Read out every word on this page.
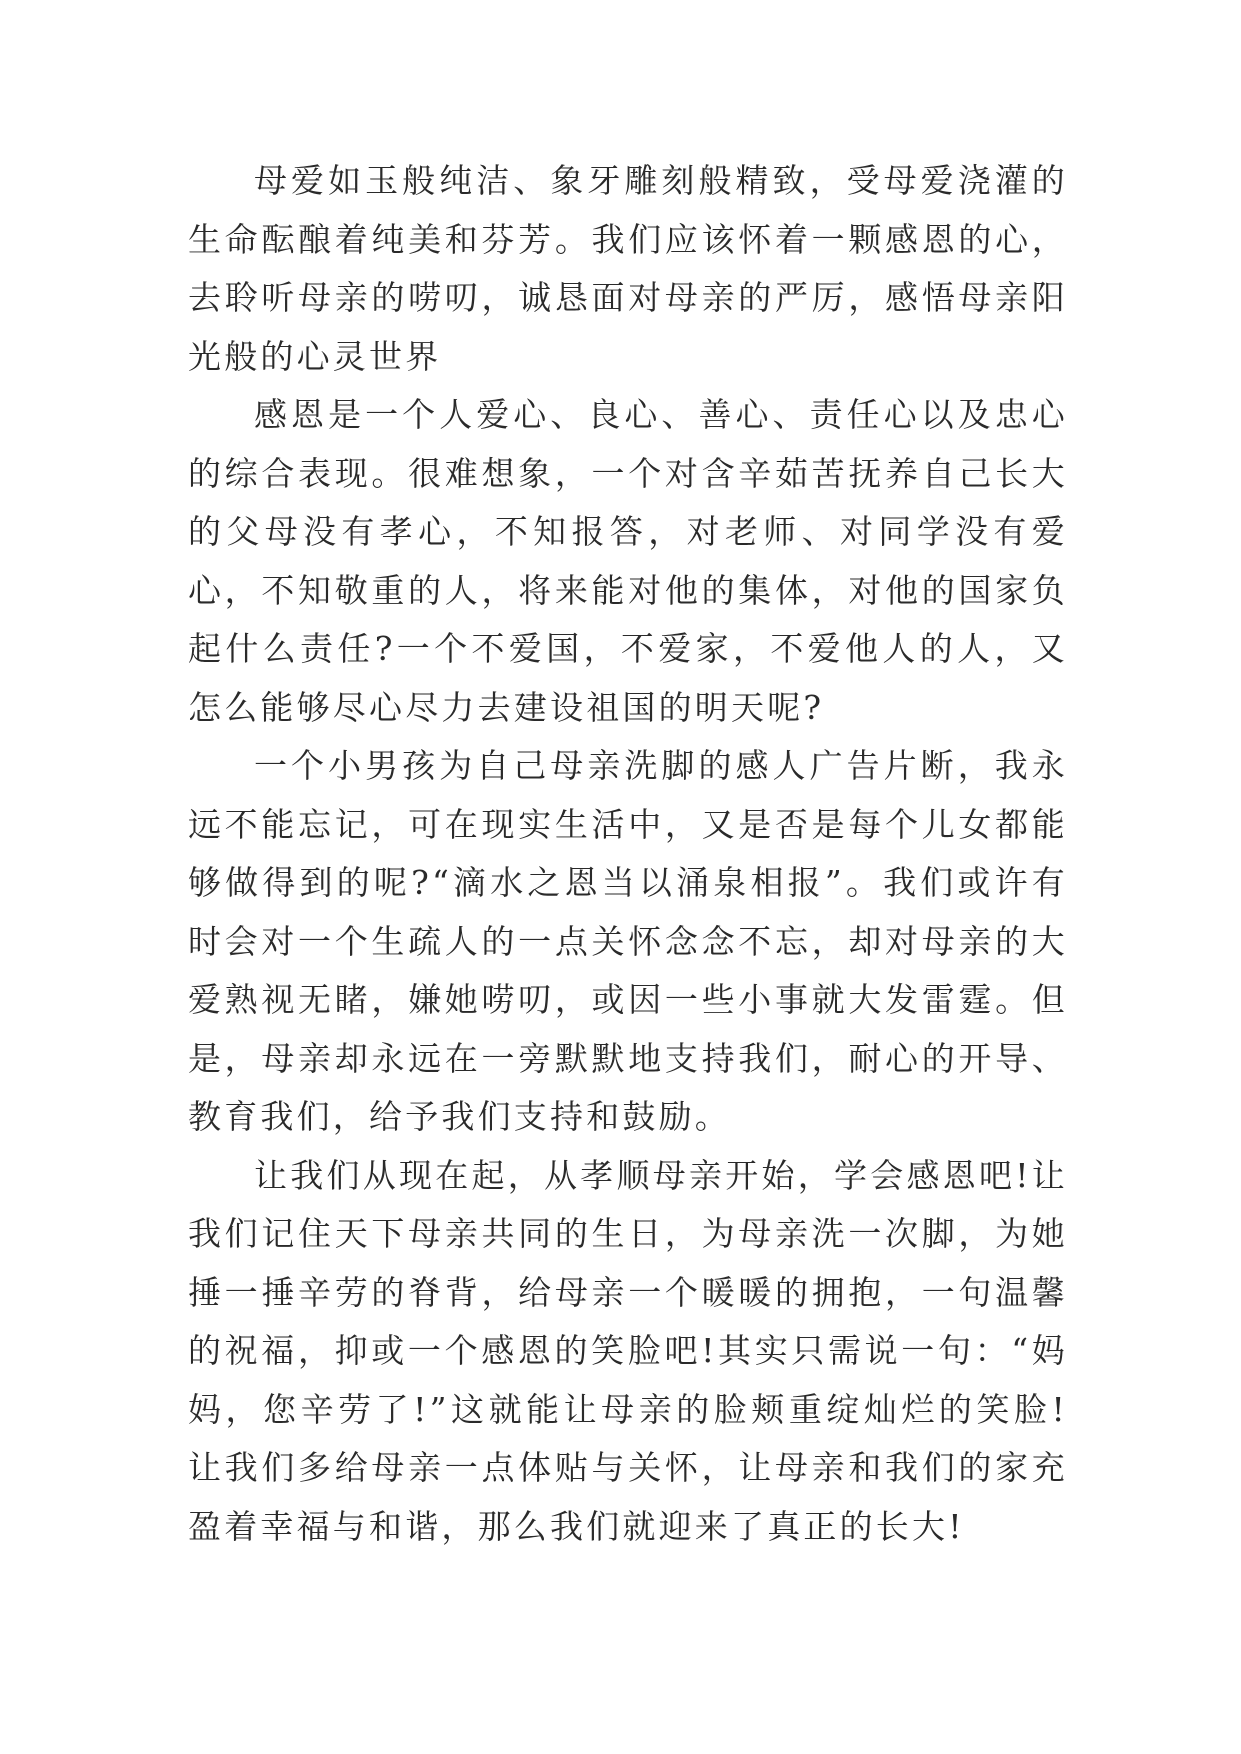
母爱如玉般纯洁、象牙雕刻般精致，受母爱浇灌的生命酝酿着纯美和芬芳。我们应该怀着一颗感恩的心，去聆听母亲的唠叨，诚恳面对母亲的严厉，感悟母亲阳光般的心灵世界

感恩是一个人爱心、良心、善心、责任心以及忠心的综合表现。很难想象，一个对含辛茹苦抚养自己长大的父母没有孝心，不知报答，对老师、对同学没有爱心，不知敬重的人，将来能对他的集体，对他的国家负起什么责任?一个不爱国，不爱家，不爱他人的人，又怎么能够尽心尽力去建设祖国的明天呢?

一个小男孩为自己母亲洗脚的感人广告片断，我永远不能忘记，可在现实生活中，又是否是每个儿女都能够做得到的呢?“滴水之恩当以涌泉相报”。我们或许有时会对一个生疏人的一点关怀念念不忘，却对母亲的大爱熟视无睹，嫌她唠叨，或因一些小事就大发雷霆。但是，母亲却永远在一旁默默地支持我们，耐心的开导、教育我们，给予我们支持和鼓励。

让我们从现在起，从孝顺母亲开始，学会感恩吧!让我们记住天下母亲共同的生日，为母亲洗一次脚，为她捶一捶辛劳的脊背，给母亲一个暖暖的拥抱，一句温馨的祝福，抑或一个感恩的笑脸吧!其实只需说一句：“妈妈，您辛劳了!”这就能让母亲的脸颊重绽灿烂的笑脸!让我们多给母亲一点体贴与关怀，让母亲和我们的家充盈着幸福与和谐，那么我们就迎来了真正的长大!
